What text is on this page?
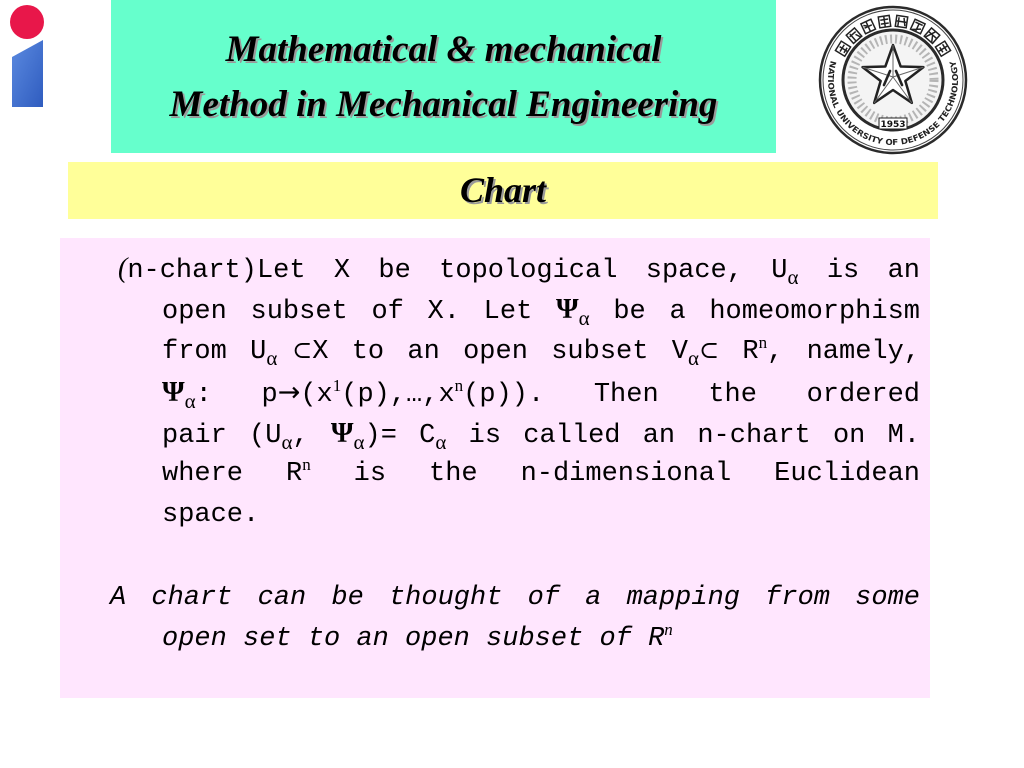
Mathematical & mechanical
Method in Mechanical Engineering
1953
NATIONAL UNIVERSITY OF DEFENSE TECHNOLOGY
Chart
(n-chart)Let X be topological space, $U_\alpha$ is an
open subset of X. Let $\Psi_\alpha$ be a homeomorphism
from $U_\alpha$ ⊂X to an open subset $V_\alpha\subset$ $R^n$, namely,
$\Psi_\alpha$: $p\to(x^1(p),\dots,x^n(p))$. Then the ordered
pair ($U_\alpha$, $\Psi_\alpha)= C_\alpha$ is called an n-chart on M.
where $R^n$ is the n-dimensional Euclidean
space.
A chart can be thought of a mapping from some
open set to an open subset of $R^n$
